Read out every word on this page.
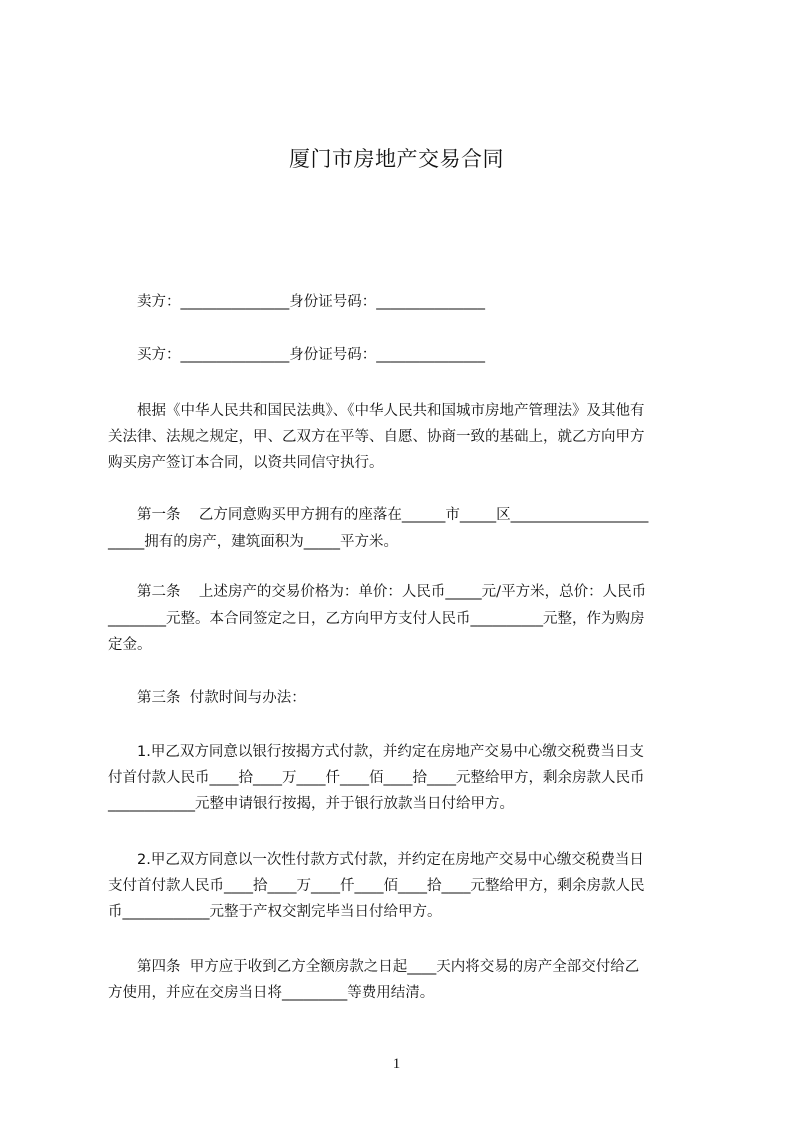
厦门市房地产交易合同

卖方：_______________身份证号码：_______________

买方：_______________身份证号码：_______________

根据《中华人民共和国民法典》、《中华人民共和国城市房地产管理法》及其他有

关法律、法规之规定，甲、乙双方在平等、自愿、协商一致的基础上，就乙方向甲方

购买房产签订本合同，以资共同信守执行。

第一条    乙方同意购买甲方拥有的座落在______市_____区___________________

_____拥有的房产，建筑面积为_____平方米。

第二条    上述房产的交易价格为：单价：人民币_____元/平方米，总价：人民币

________元整。本合同签定之日，乙方向甲方支付人民币__________元整，作为购房

定金。

第三条  付款时间与办法：

1.甲乙双方同意以银行按揭方式付款，并约定在房地产交易中心缴交税费当日支

付首付款人民币____拾____万____仟____佰____拾____元整给甲方，剩余房款人民币

____________元整申请银行按揭，并于银行放款当日付给甲方。

2.甲乙双方同意以一次性付款方式付款，并约定在房地产交易中心缴交税费当日

支付首付款人民币____拾____万____仟____佰____拾____元整给甲方，剩余房款人民

币____________元整于产权交割完毕当日付给甲方。

第四条  甲方应于收到乙方全额房款之日起____天内将交易的房产全部交付给乙

方使用，并应在交房当日将_________等费用结清。

1
